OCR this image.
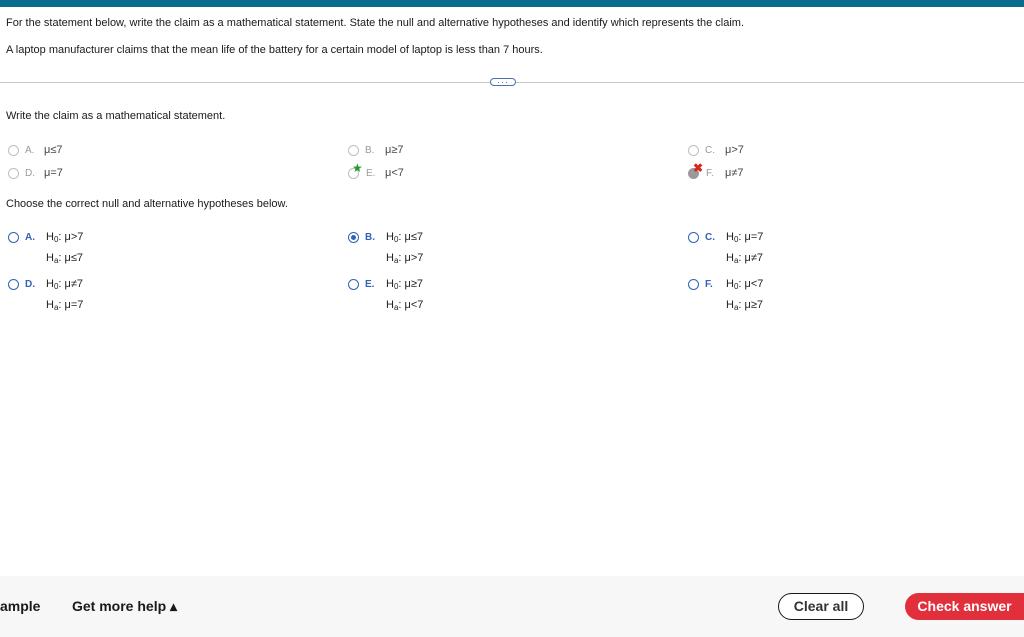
For the statement below, write the claim as a mathematical statement. State the null and alternative hypotheses and identify which represents the claim.
A laptop manufacturer claims that the mean life of the battery for a certain model of laptop is less than 7 hours.
···
Write the claim as a mathematical statement.
A. μ≤7	B. μ≥7	C. μ>7
D. μ=7	★ E. μ<7	✖ F. μ≠7
Choose the correct null and alternative hypotheses below.
A. $H_0$: μ>7
$H_a$: μ≤7
B. $H_0$: μ≤7
$H_a$: μ>7
C. $H_0$: μ=7
$H_a$: μ≠7
D. $H_0$: μ≠7
$H_a$: μ=7
E. $H_0$: μ≥7
$H_a$: μ<7
F. $H_0$: μ<7
$H_a$: μ≥7
ample Get more help ▴	Clear all	Check answer
